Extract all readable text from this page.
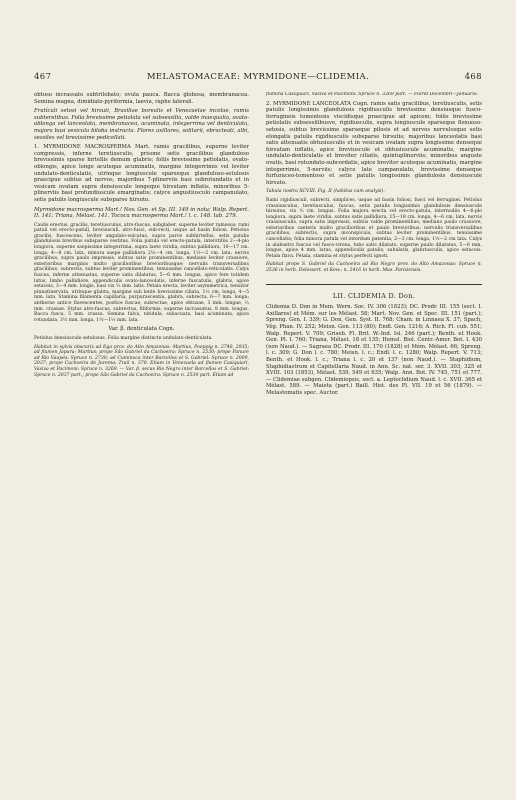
467	MELASTOMACEAE: MYRMIDONE—CLIDEMIA.	468

obtuso incrassato subtrilobato; ovula pauca. Bacca globosa, membranacea. Semina magna, dimidiato-pyriformia, laevia, raphe laterali.

Frutículi setosi vel hirsuti, Brasiliae borealis et Venezuelae incolae, ramis subteretibus. Folia brevissime petiolata vel subsessilia, valde inaequalia, ovato-oblonga vel lanceolata, membranacea, acuminata, integerrima vel denticulata, majora basi vesicula biloba instructa. Flores axillares, solitarii, ebracteati, albi, sessiles vel brevissime pedicellati.

1. MYRMIDONE MACROSPERMA Mart. ramis gracilibus, superne leviter compressis, inferne teretiusculis, prisone setis gracilibus glanduloso brevissimis sparse hirtellis demum glabris; foliis brevissime petiolatis, ovato-oblongis, apice longe acuteque acuminatis, margine integerrimis vel leviter undulato-denticulatis, utrinque longiuscule sparseque glanduloso-setulosis praecipue subtus ad nervos, majoribus 7-plinerviis basi subrotundatis et in vesicam ovatam supra densiuscule longeque hirsutam inflatis, minoribus 5-plinerviis basi profundiuscule emarginatis; calyce angustiusculo campanulato, setis patulis longiuscule subsparse hirsuto.

Myrmidone macrosperma Mart.! Nov. Gen. et Sp. III. 149 in nota; Walp. Repert. II. 141; Triana, Mélast. 141. Tococa macrosperma Mart.! l. c. 148. tab. 279.

Caulis erectus, gracilis, teretiusculus, atro-fuscus, subglaber, superne leviter ramosus; rami patuli vel erecto-patuli, breviusculi, atro-fusci, sub-recti, usque ad basin foliosi. Petiolus gracilis, fuscescens, leviter angulato-sulcatus, supra parce subhirtellus, setis patulis glandulosis brevibus subsparse vestitus. Folia patula vel erecto-patula, interstitiis 2—4-plo longiora, superne saepissime integerrima, supra laete viridia, subtus pallidiora, 10—17 cm. longa, 4—8 cm. lata, minora saepe pallidiora 2½—4 cm. longa, 1½—2 cm. lata; nervis gracilibus, supra paulo impressis, subtus satis prominentibus, mediano leviter crassiore, exterioribus marginis multo gracilioribus brevioribusque; nervulis transversalibus gracilibus, subrectis, subtus leviter prominentibus, tenuissime cancellato-reticulatis. Calyx fuscus, inferne attenuatus, superne satis dilatatus, 5—6 mm. longus, apice fere totidem latus, limbo pallidiore, appendiculis ovato-lanceolatis, inferne fuscatulis, glabris, apice setaceis, 3—4 mm. longis, basi vix ⅓ mm. latis. Petala erecta, leviter asymmetrica, tenuiter pinnatinervata, utrinque glabra, margine sub lente brevissime ciliata, 1⅓ cm. longa, 4—5 mm. lata. Stamina filamenta capillaria, purpurascentia, glabra, subrecta, 6—7 mm. longa; antherae antice flavescentes, postice fuscae, subrectae, apice obtusae, 3 mm. longae, ⅓ mm. crassae. Stylus atro-fuscus, subrectus, filiformis, superne incrassatus, 8 mm. longus. Bacca fusca, 5 mm. crassa. Semina fulva, nitidula, subacuata, basi acuminata, apice rotundata, 3½ mm. longa, 1½—1⅓ mm. lata.

Var. β. denticulata Cogn.

Petiolus densiuscule setulosus. Folia margine distincte undulato-denticulata.

Habitat in sylvis obscuris ad Ega prov. do Alto Amazonas: Martius, Poeppig n. 2740, 2935; ad flumen Japura: Martius; prope São Gabriel da Cachoeira: Spruce n. 2530; prope Panure ad Rio Vaupés: Spruce n. 2730; ad Cuminoca inter Barcellos et S. Gabriel: Spruce n. 2009, 2037; prope Cachoeira de Jurema: Trail n. 370. Etiam in Venezuela ad flumen Casiquiari, Vasiva et Pacimoni: Spruce n. 3269. — Var. β. secus Rio Negro inter Barcellos et S. Gabriel: Spruce n. 2037 part.; prope São Gabriel da Cachoeira: Spruce n. 2530 part. Etiam ad

flumina Casiquiari, Vasiva et Pacimoni: Spruce n. 3269 part. — Floret Decembri—Januario.

2. MYRMIDONE LANCEOLATA Cogn. ramis satis gracilibus, teretiusculis, setis patulis longissimis glandulosis rigidiusculis brevissime densiusque fusco-ferrugineis tomentosis viscidisque praecipue ad apicem; foliis brevissime petiolatis subsessilibusve, rigidiusculis, supra longiuscule sparseque flexuoso-setosis, subtus brevissime sparseque pilosis et ad nervos nervulosque setis elongatis patulis rigidiusculis subsparse hirsutis; majoribus lanceolatis basi satis attenuatis obtusiusculis et in vesicam ovatam supra longissime denseque hirsutam inflatis, apice breviuscule et obtusiuscule acuminatis, margine undulato-denticulatis et breviter ciliatis, quintuplinerviis; minoribus anguste ovatis, basi rotundato-subcordatis, apice breviter acuteque acuminatis, margine integerrimis, 5-nerviis; calyce late campanulato, brevissime denseque furfuraceo-tomentoso et setis patulis longissimis glandulosis densiuscule hirsuto.

Tabula nostra XCVIII. Fig. II (habitus cum analysi).

Rami rigidiusculi, subrecti, simplices, usque ad basin foliosi, fusci vel ferruginei. Petiolus crassiusculus, teretiusculus, fuscus, setis patulis longissimis glandulosis densiuscule hirsutus, vix ⅓ cm. longus. Folia majora erecta vel erecto-patula, internodiis 4—6-plo longiora, supra laete viridia, subtus satis pallidiora, 15—18 cm. longa, 4—6 cm. lata, nervis crassiusculis, supra satis impressis, subtus valde prominentibus; mediano paulo crassiore, exterioribus caeteris multo gracilioribus et paulo brevioribus; nervulis transversalibus gracilibus, subrectis, supra inconspicuis, subtus leviter prominentibus, tenuissime cancellatis; folia minora patula vel interdum patentia, 2—3 cm. longa, 1½—2 cm lata. Calyx in alabastro fuscus vel fusco-virens, tubo satis dilatato, superne paulo dilatatus, 5—6 mm. longus, apice 4 mm. latus, appendiculis patulis, subulatis, glabriusculis, apice setaceis. Petala flava. Petala, stamina et stylus perfecti ignoti.

Habitat prope S. Gabriel da Cachoeira ad Rio Negro prov. do Alto Amazonas: Spruce n. 2536 in herb. Delessert. et Kew.; n. 2416 in herb. Mus. Parisiensis.

LII. CLIDEMIA D. Don.

Clidemia D. Don in Mem. Wern. Soc. IV. 306 (1823); DC. Prodr. III. 155 (sect. I. Axillares) et Mém. sur les Mélast. 58; Mart. Nov. Gen. et Spec. III. 151 (part.); Spreng. Gen. I. 339; G. Don, Gen. Syst. II. 768; Cham. in Linnaea X. 37; Spach, Vég. Phan. IV. 252; Meisn. Gen. 113 (80); Endl. Gen. 1216; A. Rich. Fl. cub. 551; Walp. Repert. V. 709; Griseb. Fl. Brit. W.-Ind. Isl. 246 (part.); Benth. et Hook. Gen. Pl. I. 760; Triana, Mélast. 18 et 135; Hemsl. Biol. Centr.-Amer. Bot. I. 430 (non Naud.). — Sagraea DC. Prodr. III. 170 (1828) et Mém. Mélast. 66; Spreng. l. c. 309; G. Don l. c. 780; Meisn. l. c.; Endl. l. c. 1280; Walp. Repert. V. 713; Benth. et Hook. l. c.; Triana l. c. 20 et 137 (non Naud.). — Staphidium, Staphidiastrum et Capitellaria Naud. in Ann. Sc. nat. ser. 3. XVII. 303, 325 et XVIII. 103 (1853), Mélast. 539, 549 et 635; Walp. Ann. Bot. IV. 745, 751 et 777. — Clidemiae subgen. Clidemiopsis, sect. a. Leptoclidium Naud. l. c. XVII. 365 et Mélast. 589. — Maieta (part.) Baill. Hist. des Pl. VII. 19 et 56 (1879). — Melastomatis spec. Auctor.
